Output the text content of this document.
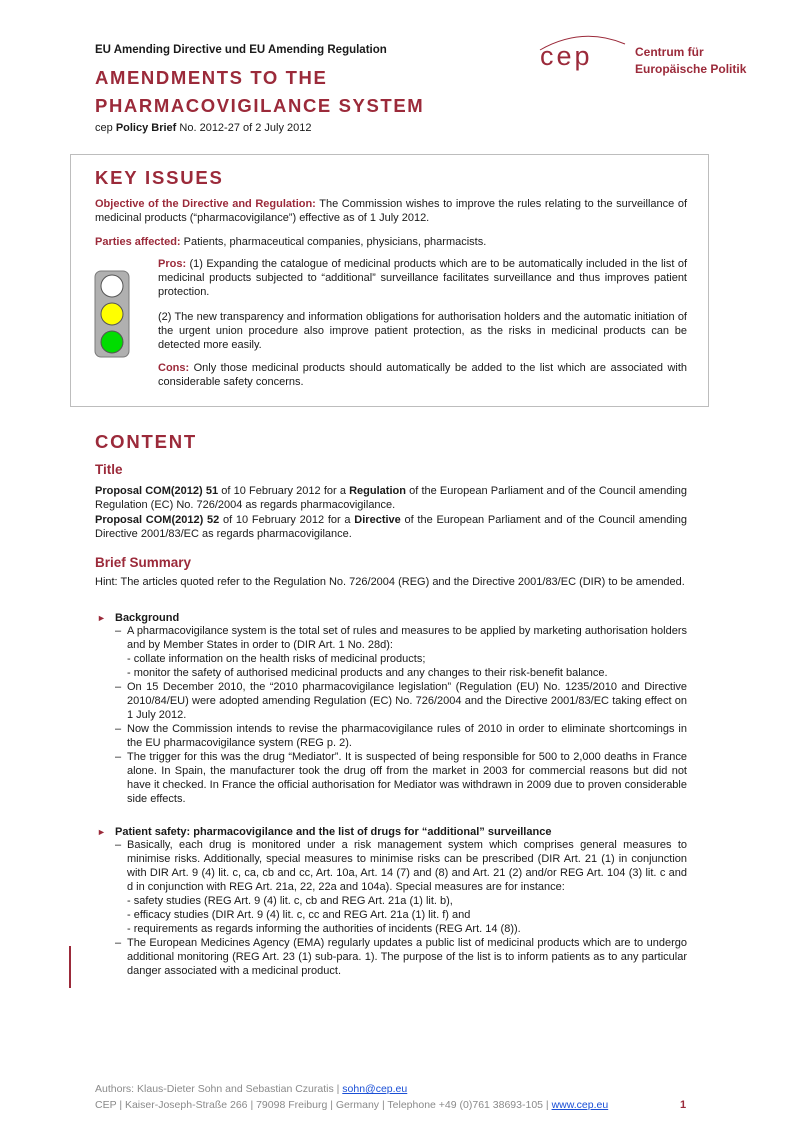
EU Amending Directive und EU Amending Regulation
AMENDMENTS TO THE
PHARMACOVIGILANCE SYSTEM
cep Policy Brief No. 2012-27 of 2 July 2012
cep	Centrum für
Europäische Politik
KEY ISSUES
Objective of the Directive and Regulation: The Commission wishes to improve the rules relating to the surveillance of medicinal products (“pharmacovigilance”) effective as of 1 July 2012.
Parties affected: Patients, pharmaceutical companies, physicians, pharmacists.
Pros: (1) Expanding the catalogue of medicinal products which are to be automatically included in the list of medicinal products subjected to “additional” surveillance facilitates surveillance and thus improves patient protection.
(2) The new transparency and information obligations for authorisation holders and the automatic initiation of the urgent union procedure also improve patient protection, as the risks in medicinal products can be detected more easily.
Cons: Only those medicinal products should automatically be added to the list which are associated with considerable safety concerns.
CONTENT
Title
Proposal COM(2012) 51 of 10 February 2012 for a Regulation of the European Parliament and of the Council amending Regulation (EC) No. 726/2004 as regards pharmacovigilance.
Proposal COM(2012) 52 of 10 February 2012 for a Directive of the European Parliament and of the Council amending Directive 2001/83/EC as regards pharmacovigilance.
Brief Summary
Hint: The articles quoted refer to the Regulation No. 726/2004 (REG) and the Directive 2001/83/EC (DIR) to be amended.
► Background
– A pharmacovigilance system is the total set of rules and measures to be applied by marketing authorisation holders and by Member States in order to (DIR Art. 1 No. 28d):
- collate information on the health risks of medicinal products;
- monitor the safety of authorised medicinal products and any changes to their risk-benefit balance.
– On 15 December 2010, the “2010 pharmacovigilance legislation” (Regulation (EU) No. 1235/2010 and Directive 2010/84/EU) were adopted amending Regulation (EC) No. 726/2004 and the Directive 2001/83/EC taking effect on 1 July 2012.
– Now the Commission intends to revise the pharmacovigilance rules of 2010 in order to eliminate shortcomings in the EU pharmacovigilance system (REG p. 2).
– The trigger for this was the drug “Mediator”. It is suspected of being responsible for 500 to 2,000 deaths in France alone. In Spain, the manufacturer took the drug off from the market in 2003 for commercial reasons but did not have it checked. In France the official authorisation for Mediator was withdrawn in 2009 due to proven considerable side effects.
► Patient safety: pharmacovigilance and the list of drugs for “additional” surveillance
– Basically, each drug is monitored under a risk management system which comprises general measures to minimise risks. Additionally, special measures to minimise risks can be prescribed (DIR Art. 21 (1) in conjunction with DIR Art. 9 (4) lit. c, ca, cb and cc, Art. 10a, Art. 14 (7) and (8) and Art. 21 (2) and/or REG Art. 104 (3) lit. c and d in conjunction with REG Art. 21a, 22, 22a and 104a). Special measures are for instance:
- safety studies (REG Art. 9 (4) lit. c, cb and REG Art. 21a (1) lit. b),
- efficacy studies (DIR Art. 9 (4) lit. c, cc and REG Art. 21a (1) lit. f) and
- requirements as regards informing the authorities of incidents (REG Art. 14 (8)).
– The European Medicines Agency (EMA) regularly updates a public list of medicinal products which are to undergo additional monitoring (REG Art. 23 (1) sub-para. 1). The purpose of the list is to inform patients as to any particular danger associated with a medicinal product.
Authors: Klaus-Dieter Sohn and Sebastian Czuratis | sohn@cep.eu
CEP | Kaiser-Joseph-Straße 266 | 79098 Freiburg | Germany | Telephone +49 (0)761 38693-105 | www.cep.eu	1
